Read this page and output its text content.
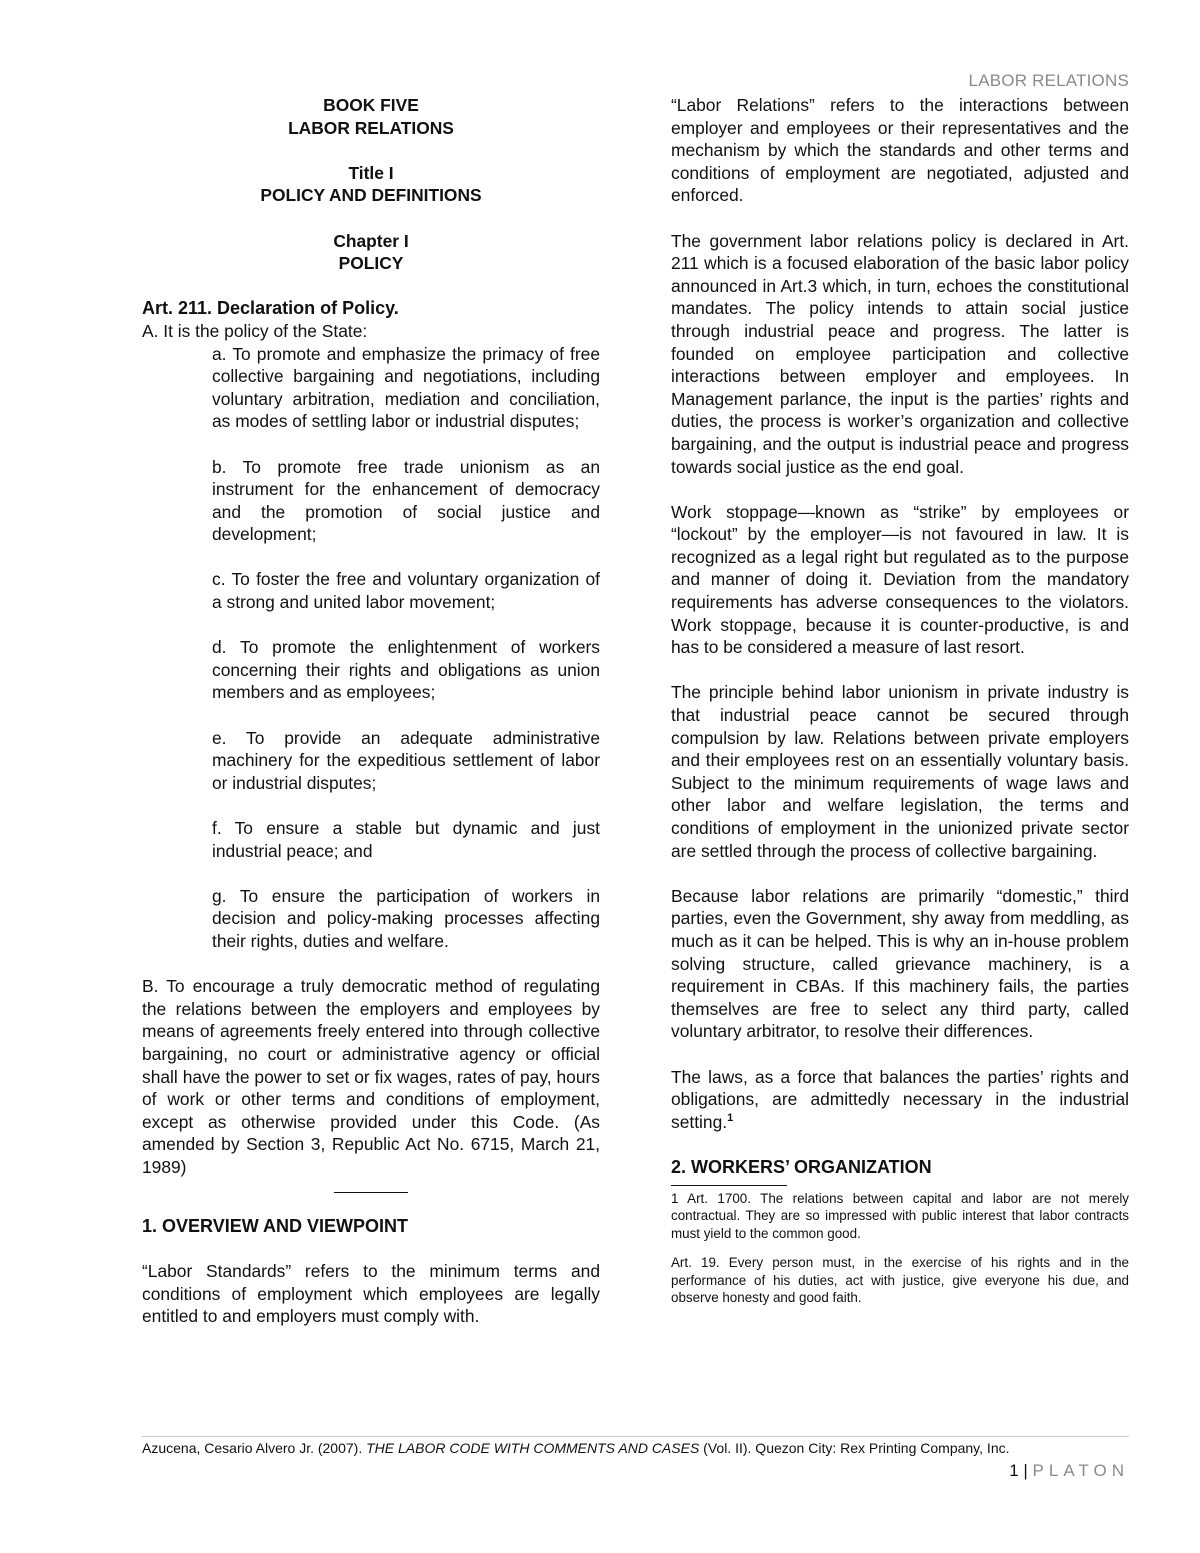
LABOR RELATIONS
BOOK FIVE
LABOR RELATIONS
Title I
POLICY AND DEFINITIONS
Chapter I
POLICY
Art. 211. Declaration of Policy.
A. It is the policy of the State:
a. To promote and emphasize the primacy of free collective bargaining and negotiations, including voluntary arbitration, mediation and conciliation, as modes of settling labor or industrial disputes;
b. To promote free trade unionism as an instrument for the enhancement of democracy and the promotion of social justice and development;
c. To foster the free and voluntary organization of a strong and united labor movement;
d. To promote the enlightenment of workers concerning their rights and obligations as union members and as employees;
e. To provide an adequate administrative machinery for the expeditious settlement of labor or industrial disputes;
f. To ensure a stable but dynamic and just industrial peace; and
g. To ensure the participation of workers in decision and policy-making processes affecting their rights, duties and welfare.

B. To encourage a truly democratic method of regulating the relations between the employers and employees by means of agreements freely entered into through collective bargaining, no court or administrative agency or official shall have the power to set or fix wages, rates of pay, hours of work or other terms and conditions of employment, except as otherwise provided under this Code. (As amended by Section 3, Republic Act No. 6715, March 21, 1989)

1. OVERVIEW AND VIEWPOINT

“Labor Standards” refers to the minimum terms and conditions of employment which employees are legally entitled to and employers must comply with.

“Labor Relations” refers to the interactions between employer and employees or their representatives and the mechanism by which the standards and other terms and conditions of employment are negotiated, adjusted and enforced.

The government labor relations policy is declared in Art. 211 which is a focused elaboration of the basic labor policy announced in Art.3 which, in turn, echoes the constitutional mandates. The policy intends to attain social justice through industrial peace and progress. The latter is founded on employee participation and collective interactions between employer and employees. In Management parlance, the input is the parties’ rights and duties, the process is worker’s organization and collective bargaining, and the output is industrial peace and progress towards social justice as the end goal.

Work stoppage—known as “strike” by employees or “lockout” by the employer—is not favoured in law. It is recognized as a legal right but regulated as to the purpose and manner of doing it. Deviation from the mandatory requirements has adverse consequences to the violators. Work stoppage, because it is counter-productive, is and has to be considered a measure of last resort.

The principle behind labor unionism in private industry is that industrial peace cannot be secured through compulsion by law. Relations between private employers and their employees rest on an essentially voluntary basis. Subject to the minimum requirements of wage laws and other labor and welfare legislation, the terms and conditions of employment in the unionized private sector are settled through the process of collective bargaining.

Because labor relations are primarily “domestic,” third parties, even the Government, shy away from meddling, as much as it can be helped. This is why an in-house problem solving structure, called grievance machinery, is a requirement in CBAs. If this machinery fails, the parties themselves are free to select any third party, called voluntary arbitrator, to resolve their differences.

The laws, as a force that balances the parties’ rights and obligations, are admittedly necessary in the industrial setting.$^1$

2. WORKERS’ ORGANIZATION
1 Art. 1700. The relations between capital and labor are not merely contractual. They are so impressed with public interest that labor contracts must yield to the common good.
Art. 19. Every person must, in the exercise of his rights and in the performance of his duties, act with justice, give everyone his due, and observe honesty and good faith.
Azucena, Cesario Alvero Jr. (2007). THE LABOR CODE WITH COMMENTS AND CASES (Vol. II). Quezon City: Rex Printing Company, Inc.
1 | PLATON
